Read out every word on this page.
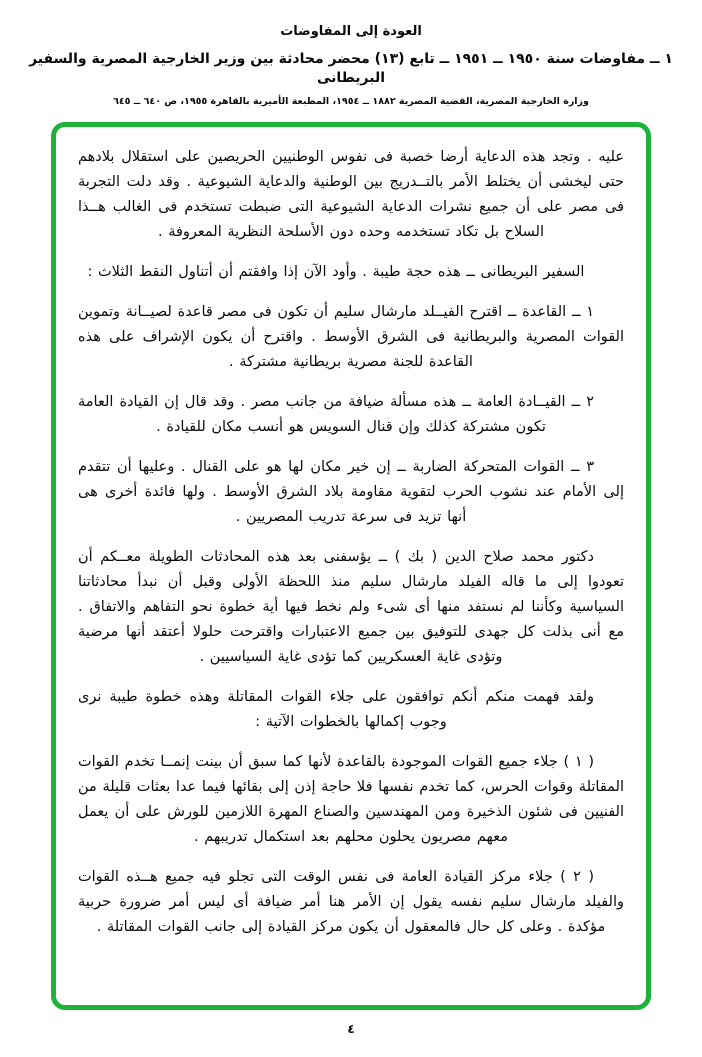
العودة إلى المفاوضات
١ ــ مفاوضات سنة ١٩٥٠ ــ ١٩٥١ ــ تابع (١٣) محضر محادثة بين وزير الخارجية المصرية والسفير البريطانى
وزارة الخارجية المصرية، القضية المصرية ١٨٨٢ ــ ١٩٥٤، المطبعة الأميرية بالقاهرة ١٩٥٥، ص ٦٤٠ ــ ٦٤٥

عليه . وتجد هذه الدعاية أرضا خصبة فى نفوس الوطنيين الحريصين على استقلال بلادهم حتى ليخشى أن يختلط الأمر بالتــدريج بين الوطنية والدعاية الشيوعية . وقد دلت التجربة فى مصر على أن جميع نشرات الدعاية الشيوعية التى ضبطت تستخدم فى الغالب هــذا السلاح بل تكاد تستخدمه وحده دون الأسلحة النظرية المعروفة .

السفير البريطانى ــ هذه حجة طيبة . وأود الآن إذا وافقتم أن أتناول النقط الثلاث :

١ ــ القاعدة ــ اقترح الفيــلد مارشال سليم أن تكون فى مصر قاعدة لصيــانة وتموين القوات المصرية والبريطانية فى الشرق الأوسط . واقترح أن يكون الإشراف على هذه القاعدة للجنة مصرية بريطانية مشتركة .

٢ ــ القيــادة العامة ــ هذه مسألة ضيافة من جانب مصر . وقد قال إن القيادة العامة تكون مشتركة كذلك وإن قنال السويس هو أنسب مكان للقيادة .

٣ ــ القوات المتحركة الضاربة ــ إن خير مكان لها هو على القنال . وعليها أن تتقدم إلى الأمام عند نشوب الحرب لتقوية مقاومة بلاد الشرق الأوسط . ولها فائدة أخرى هى أنها تزيد فى سرعة تدريب المصريين .

دكتور محمد صلاح الدين ( بك ) ــ يؤسفنى بعد هذه المحادثات الطويلة معــكم أن تعودوا إلى ما قاله الفيلد مارشال سليم منذ اللحظة الأولى وقبل أن نبدأ محادثاتنا السياسية وكأننا لم نستفد منها أى شىء ولم نخط فيها أية خطوة نحو التفاهم والاتفاق . مع أنى بذلت كل جهدى للتوفيق بين جميع الاعتبارات واقترحت حلولا أعتقد أنها مرضية وتؤدى غاية العسكريين كما تؤدى غاية السياسيين .

ولقد فهمت منكم أنكم توافقون على جلاء القوات المقاتلة وهذه خطوة طيبة نرى وجوب إكمالها بالخطوات الآتية :

( ١ ) جلاء جميع القوات الموجودة بالقاعدة لأنها كما سبق أن بينت إنمــا تخدم القوات المقاتلة وقوات الحرس، كما تخدم نفسها فلا حاجة إذن إلى بقائها فيما عدا بعثات قليلة من الفنيين فى شئون الذخيرة ومن المهندسين والصناع المهرة اللازمين للورش على أن يعمل معهم مصريون يحلون محلهم بعد استكمال تدريبهم .

( ٢ ) جلاء مركز القيادة العامة فى نفس الوقت التى تجلو فيه جميع هــذه القوات والفيلد مارشال سليم نفسه يقول إن الأمر هنا أمر ضيافة أى ليس أمر ضرورة حربية مؤكدة . وعلى كل حال فالمعقول أن يكون مركز القيادة إلى جانب القوات المقاتلة .

٤
